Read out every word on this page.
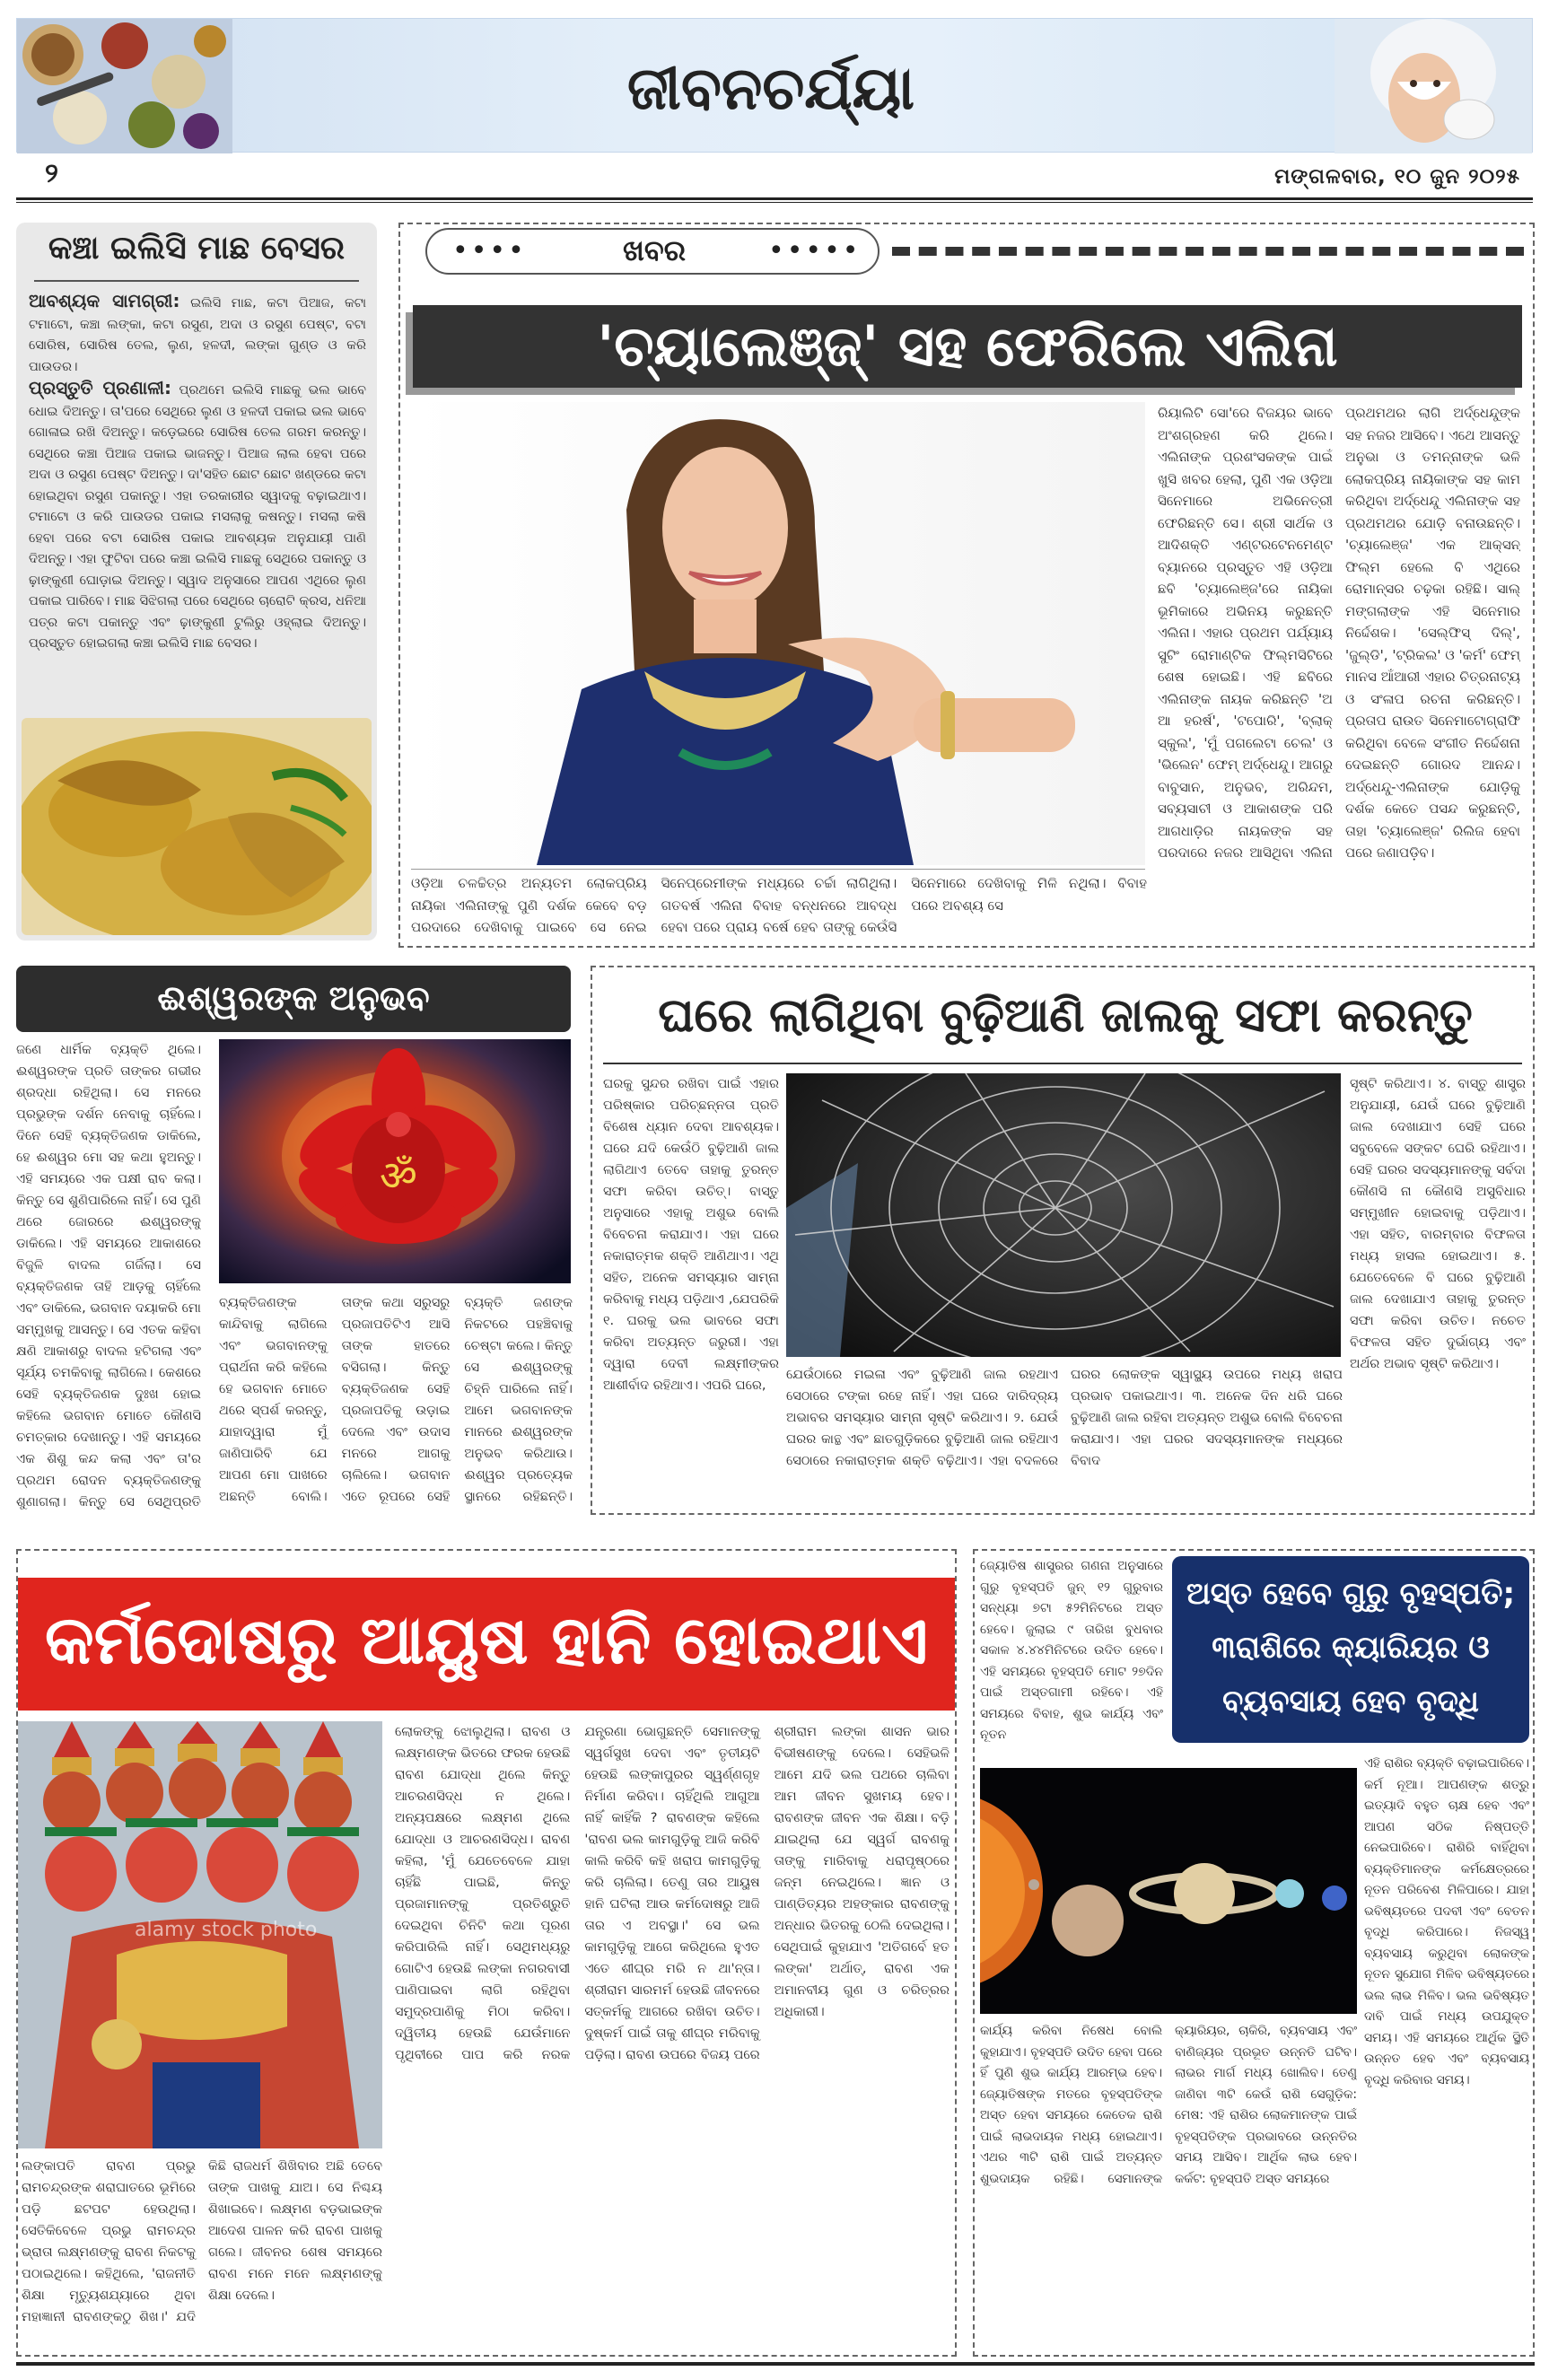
ଜୀବନଚର୍ଯ୍ୟା
୨	ମଙ୍ଗଳବାର, ୧୦ ଜୁନ ୨୦୨୫
କଞ୍ଚା ଇଲିସି ମାଛ ବେସର
ଆବଶ୍ୟକ ସାମଗ୍ରୀ: ଇଲିସି ମାଛ, କଟା ପିଆଜ, କଟା ଟମାଟୋ, କଞ୍ଚା ଲଙ୍କା, କଟା ରସୁଣ, ଅଦା ଓ ରସୁଣ ପେଷ୍ଟ, ବଟା ସୋରିଷ, ସୋରିଷ ତେଲ, ଲୁଣ, ହଳଦୀ, ଲଙ୍କା ଗୁଣ୍ଡ ଓ କରି ପାଉଡର।
ପ୍ରସ୍ତୁତି ପ୍ରଣାଳୀ: ପ୍ରଥମେ ଇଲିସି ମାଛକୁ ଭଲ ଭାବେ ଧୋଇ ଦିଅନ୍ତୁ। ତା'ପରେ ସେଥିରେ ଲୁଣ ଓ ହଳଦୀ ପକାଇ ଭଲ ଭାବେ ଗୋଳାଇ ରଖି ଦିଅନ୍ତୁ। କଡ଼େଇରେ ସୋରିଷ ତେଲ ଗରମ କରନ୍ତୁ। ସେଥିରେ କଞ୍ଚା ପିଆଜ ପକାଇ ଭାଜନ୍ତୁ। ପିଆଜ ଲାଲ ହେବା ପରେ ଅଦା ଓ ରସୁଣ ପେଷ୍ଟ ଦିଅନ୍ତୁ। ଦା'ସହିତ ଛୋଟ ଛୋଟ ଖଣ୍ଡରେ କଟା ହୋଇଥିବା ରସୁଣ ପକାନ୍ତୁ। ଏହା ତରକାରୀର ସ୍ୱାଦକୁ ବଢ଼ାଇଥାଏ। ଟମାଟୋ ଓ କରି ପାଉଡର ପକାଇ ମସଲାକୁ କଷନ୍ତୁ। ମସଲା କଷି ହେବା ପରେ ବଟା ସୋରିଷ ପକାଇ ଆବଶ୍ୟକ ଅନୁଯାୟୀ ପାଣି ଦିଅନ୍ତୁ। ଏହା ଫୁଟିବା ପରେ କଞ୍ଚା ଇଲିସି ମାଛକୁ ସେଥିରେ ପକାନ୍ତୁ ଓ ଢ଼ାଙ୍କୁଣୀ ଘୋଡ଼ାଇ ଦିଅନ୍ତୁ। ସ୍ୱାଦ ଅନୁସାରେ ଆପଣ ଏଥିରେ ଲୁଣ ପକାଇ ପାରିବେ। ମାଛ ସିଝିଗଲା ପରେ ସେଥିରେ ଚାରୋଟି କ୍ରସ, ଧନିଆ ପତ୍ର କଟା ପକାନ୍ତୁ ଏବଂ ଢ଼ାଙ୍କୁଣୀ ଟୁଲିରୁ ଓହ୍ଲାଇ ଦିଅନ୍ତୁ। ପ୍ରସ୍ତୁତ ହୋଇଗଲା କଞ୍ଚା ଇଲିସି ମାଛ ବେସର।
••••	ଖବର	•••••
'ଚ୍ୟାଲେଞ୍ଜ୍' ସହ ଫେରିଲେ ଏଲିନା
ରିୟାଲିଟି ସୋ'ରେ ବିଜୟର ଭାବେ ଅଂଶଗ୍ରହଣ କରି ଥିଲେ। ଏଲିନାଙ୍କ ପ୍ରଶଂସକଙ୍କ ପାଇଁ ଖୁସି ଖବର ହେଲା, ପୁଣି ଏକ ଓଡ଼ିଆ ସିନେମାରେ ଅଭିନେତ୍ରୀ ଫେରିଛନ୍ତି ସେ। ଶ୍ରୀ ସାର୍ଥକ ଓ ଆଦିଶକ୍ତି ଏଣ୍ଟରଟେନମେଣ୍ଟ ବ୍ୟାନରେ ପ୍ରସ୍ତୁତ ଏହି ଓଡ଼ିଆ ଛବି 'ଚ୍ୟାଲେଞ୍ଜ'ରେ ନାୟିକା ଭୂମିକାରେ ଅଭିନୟ କରୁଛନ୍ତି ଏଲିନା। ଏହାର ପ୍ରଥମ ପର୍ଯ୍ୟାୟ ସୁଟିଂ ରୋମାଣ୍ଟିକ ଫିଲ୍ମସିଟିରେ ଶେଷ ହୋଇଛି। ଏହି ଛବିରେ ଏଲିନାଙ୍କ ନାୟକ କରିଛନ୍ତି 'ଅ ଆ ହରର୍ଷ', 'ଟପୋରି', 'ବ୍ଲାକ୍ ସ୍କୁଲ', 'ମୁଁ ପଗଲେଟା ଚେଲ' ଓ 'ଭିଲେନ' ଫେମ୍ ଅର୍ଦ୍ଧେନ୍ଦୁ। ଆଗରୁ ବାବୁସାନ, ଅନୁଭବ, ଅରିନ୍ଦମ, ସବ୍ୟସାଚୀ ଓ ଆକାଶଙ୍କ ପରି ଆଗଧାଡ଼ିର ନାୟକଙ୍କ ସହ ପରଦାରେ ନଜର ଆସିଥିବା ଏଲିନା ପ୍ରଥମଥର ଲାଗି ଅର୍ଦ୍ଧେନ୍ଦୁଙ୍କ ସହ ନଜର ଆସିବେ। ଏଥେ ଆସନ୍ତୁ ଅନୁଭା ଓ ତମନ୍ନାଙ୍କ ଭଳି ଲୋକପ୍ରିୟ ନାୟିକାଙ୍କ ସହ କାମ କରିଥିବା ଅର୍ଦ୍ଧେନ୍ଦୁ ଏଲିନାଙ୍କ ସହ ପ୍ରଥମଥର ଯୋଡ଼ି ବନାଉଛନ୍ତି। 'ଚ୍ୟାଲେଞ୍ଜ' ଏକ ଆକ୍ସନ୍ ଫିଲ୍ମ ହେଲେ ବି ଏଥିରେ ରୋମାନ୍ସର ଚଢ଼କା ରହିଛି। ସାଲ୍ ମଙ୍ଗଲାଙ୍କ ଏହି ସିନେମାର ନିର୍ଦ୍ଦେଶକ। 'ସେଲ୍ଫିସ୍ ଦିଲ୍', 'ଜୁଲ୍ଡି', 'ଟ୍ରିକଲ' ଓ 'କର୍ମ' ଫେମ୍ ମାନସ ଆଁଆରୀ ଏହାର ଚିତ୍ରନାଟ୍ୟ ଓ ସଂଳାପ ରଚନା କରିଛନ୍ତି। ପ୍ରତାପ ରାଉତ ସିନେମାଟୋଗ୍ରାଫି କରିଥିବା ବେଳେ ସଂଗୀତ ନିର୍ଦ୍ଦେଶନା ଦେଇଛନ୍ତି ଗୋରଦ ଆନନ୍ଦ। ଅର୍ଦ୍ଧେନ୍ଦୁ-ଏଲିନାଙ୍କ ଯୋଡ଼ିକୁ ଦର୍ଶକ କେତେ ପସନ୍ଦ କରୁଛନ୍ତି, ତାହା 'ଚ୍ୟାଲେଞ୍ଜ' ରିଲିଜ ହେବା ପରେ ଜଣାପଡ଼ିବ।
ଓଡ଼ିଆ ଚଳଚ୍ଚିତ୍ର ଅନ୍ୟତମ ଲୋକପ୍ରିୟ ନାୟିକା ଏଲିନାଙ୍କୁ ପୁଣି ଦର୍ଶକ କେବେ ବଡ଼ ପରଦାରେ ଦେଖିବାକୁ ପାଇବେ ସେ ନେଇ ସିନେପ୍ରେମୀଙ୍କ ମଧ୍ୟରେ ଚର୍ଚ୍ଚା ଲାଗିଥିଲା। ଗତବର୍ଷ ଏଲିନା ବିବାହ ବନ୍ଧନରେ ଆବଦ୍ଧ ହେବା ପରେ ପ୍ରାୟ ବର୍ଷେ ହେବ ତାଙ୍କୁ କେଉଁସି ସିନେମାରେ ଦେଖିବାକୁ ମିଳି ନଥିଲା। ବିବାହ ପରେ ଅବଶ୍ୟ ସେ
ଈଶ୍ୱରଙ୍କ ଅନୁଭବ
ଜଣେ ଧାର୍ମିକ ବ୍ୟକ୍ତି ଥିଲେ। ଈଶ୍ୱରଙ୍କ ପ୍ରତି ତାଙ୍କର ଗଭୀର ଶ୍ରଦ୍ଧା ରହିଥିଲା। ସେ ମନରେ ପ୍ରଭୁଙ୍କ ଦର୍ଶନ ନେବାକୁ ଚାହିଁଲେ। ଦିନେ ସେହି ବ୍ୟକ୍ତିଜଣକ ଡାକିଲେ, ହେ ଈଶ୍ୱର ମୋ ସହ କଥା ହୁଅନ୍ତୁ। ଏହି ସମୟରେ ଏକ ପକ୍ଷୀ ରାବ କଲା। କିନ୍ତୁ ସେ ଶୁଣିପାରିଲେ ନାହିଁ। ସେ ପୁଣି ଥରେ ଜୋରରେ ଈଶ୍ୱରଙ୍କୁ ଡାକିଲେ। ଏହି ସମୟରେ ଆକାଶରେ ବିଜୁଳି ବାଦଲ ଗର୍ଜିଲା। ସେ ବ୍ୟକ୍ତିଜଣକ ତାହି ଆଡ଼କୁ ଚାହିଁଲେ ଏବଂ ଡାକିଲେ, ଭଗବାନ ଦୟାକରି ମୋ ସମ୍ମୁଖକୁ ଆସନ୍ତୁ। ସେ ଏତକ କହିବା କ୍ଷଣି ଆକାଶରୁ ବାଦଲ ହଟିଗଲା ଏବଂ ସୂର୍ଯ୍ୟ ଚମକିବାକୁ ଲାଗିଲେ। କେଶରେ ସେହି ବ୍ୟକ୍ତିଜଣକ ଦୁଃଖ ହୋଇ କହିଲେ ଭଗବାନ ମୋତେ କୌଣସି ଚମତ୍କାର ଦେଖାନ୍ତୁ। ଏହି ସମୟରେ ଏକ ଶିଶୁ କନ୍ଦ କଲା ଏବଂ ତା'ର ପ୍ରଥମ ରୋଦନ ବ୍ୟକ୍ତିଜଣଙ୍କୁ ଶୁଣାଗଲା। କିନ୍ତୁ ସେ ସେଥିପ୍ରତି
ॐ
ବ୍ୟକ୍ତିଜଣଙ୍କ କାନ୍ଦିବାକୁ ଲାଗିଲେ ଏବଂ ଭଗବାନଙ୍କୁ ପ୍ରାର୍ଥନା କରି କହିଲେ ହେ ଭଗବାନ ମୋତେ ଥରେ ସ୍ପର୍ଶ କରନ୍ତୁ, ଯାହାଦ୍ୱାରା ମୁଁ ଜାଣିପାରିବି ଯେ ଆପଣ ମୋ ପାଖରେ ଅଛନ୍ତି ବୋଲି। ତାଙ୍କ କଥା ସରୁସରୁ ପ୍ରଜାପତିଟିଏ ଆସି ତାଙ୍କ ହାତରେ ବସିଗଲା। କିନ୍ତୁ ବ୍ୟକ୍ତିଜଣକ ସେହି ପ୍ରଜାପତିକୁ ଉଡ଼ାଇ ଦେଲେ ଏବଂ ଉଦାସ ମନରେ ଆଗକୁ ଚାଲିଲେ। ଭଗବାନ ଏତେ ରୂପରେ ସେହି ବ୍ୟକ୍ତି ଜଣଙ୍କ ନିକଟରେ ପହଞ୍ଚିବାକୁ ଚେଷ୍ଟା କଲେ। କିନ୍ତୁ ସେ ଈଶ୍ୱରଙ୍କୁ ଚିହ୍ନି ପାରିଲେ ନାହିଁ। ଆମେ ଭଗବାନଙ୍କ ମାନରେ ଈଶ୍ୱରଙ୍କ ଅନୁଭବ କରିଥାଉ। ଈଶ୍ୱର ପ୍ରତ୍ୟେକ ସ୍ଥାନରେ ରହିଛନ୍ତି।
ଘରେ ଲାଗିଥିବା ବୁଢ଼ିଆଣି ଜାଲକୁ ସଫା କରନ୍ତୁ
ଘରକୁ ସୁନ୍ଦର ରଖିବା ପାଇଁ ଏହାର ପରିଷ୍କାର ପରିଚ୍ଛନ୍ନତା ପ୍ରତି ବିଶେଷ ଧ୍ୟାନ ଦେବା ଆବଶ୍ୟକ। ଘରେ ଯଦି କେଉଁଠି ବୁଢ଼ିଆଣି ଜାଲ ଲାଗିଥାଏ ତେବେ ତାହାକୁ ତୁରନ୍ତ ସଫା କରିବା ଉଚିତ୍। ବାସ୍ତୁ ଅନୁସାରେ ଏହାକୁ ଅଶୁଭ ବୋଲି ବିବେଚନା କରାଯାଏ। ଏହା ଘରେ ନକାରାତ୍ମକ ଶକ୍ତି ଆଣିଥାଏ। ଏଥି ସହିତ, ଅନେକ ସମସ୍ୟାର ସାମ୍ନା କରିବାକୁ ମଧ୍ୟ ପଡ଼ିଥାଏ ,ଯେପରିକି ୧. ଘରକୁ ଭଲ ଭାବରେ ସଫା କରିବା ଅତ୍ୟନ୍ତ ଜରୁରୀ। ଏହା ଦ୍ୱାରା ଦେବୀ ଲକ୍ଷ୍ମୀଙ୍କର ଆଶୀର୍ବାଦ ରହିଥାଏ। ଏପରି ଘରେ,
ଯେଉଁଠାରେ ମଇଳା ଏବଂ ବୁଢ଼ିଆଣି ଜାଲ ରହଥାଏ ସେଠାରେ ଟଙ୍କା ରହେ ନାହିଁ। ଏହା ଘରେ ଦାରିଦ୍ର୍ୟ ଅଭାବର ସମସ୍ୟାର ସାମ୍ନା ସୃଷ୍ଟି କରିଥାଏ। ୨. ଯେଉଁ ଘରର କାନ୍ଥ ଏବଂ ଛାତଗୁଡ଼ିକରେ ବୁଢ଼ିଆଣି ଜାଲ ରହିଥାଏ ସେଠାରେ ନକାରାତ୍ମକ ଶକ୍ତି ବଢ଼ିଥାଏ। ଏହା ବଦଳରେ ଘରର ଲୋକଙ୍କ ସ୍ୱାସ୍ଥ୍ୟ ଉପରେ ମଧ୍ୟ ଖରାପ ପ୍ରଭାବ ପକାଇଥାଏ। ୩. ଅନେକ ଦିନ ଧରି ଘରେ ବୁଢ଼ିଆଣି ଜାଲ ରହିବା ଅତ୍ୟନ୍ତ ଅଶୁଭ ବୋଲି ବିବେଚନା କରାଯାଏ। ଏହା ଘରର ସଦସ୍ୟମାନଙ୍କ ମଧ୍ୟରେ ବିବାଦ
ସୃଷ୍ଟି କରିଥାଏ। ୪. ବାସ୍ତୁ ଶାସ୍ତ୍ର ଅନୁଯାୟୀ, ଯେଉଁ ଘରେ ବୁଢ଼ିଆଣି ଜାଲ ଦେଖାଯାଏ ସେହି ଘରେ ସବୁବେଳେ ସଙ୍କଟ ଘେରି ରହିଥାଏ। ସେହି ଘରର ସଦସ୍ୟମାନଙ୍କୁ ସର୍ବଦା କୌଣସି ନା କୌଣସି ଅସୁବିଧାର ସମ୍ମୁଖୀନ ହୋଇବାକୁ ପଡ଼ିଥାଏ। ଏହା ସହିତ, ବାରମ୍ବାର ବିଫଳତା ମଧ୍ୟ ହାସଲ ହୋଇଥାଏ। ୫. ଯେତେବେଳେ ବି ଘରେ ବୁଢ଼ିଆଣି ଜାଲ ଦେଖାଯାଏ ତାହାକୁ ତୁରନ୍ତ ସଫା କରିବା ଉଚିତ। ନଚେତ ବିଫଳତା ସହିତ ଦୁର୍ଭାଗ୍ୟ ଏବଂ ଅର୍ଥର ଅଭାବ ସୃଷ୍ଟି କରିଥାଏ।
କର୍ମଦୋଷରୁ ଆୟୁଷ ହାନି ହୋଇଥାଏ
alamy stock photo
ଲୋକଙ୍କୁ ଝୋଲୁଥିଲା। ରାବଣ ଓ ଲକ୍ଷ୍ମଣଙ୍କ ଭିତରେ ଫରକ ହେଉଛି ରାବଣ ଯୋଦ୍ଧା ଥିଲେ କିନ୍ତୁ ଆଚରଣସିଦ୍ଧ ନ ଥିଲେ। ଅନ୍ୟପକ୍ଷରେ ଲକ୍ଷ୍ମଣ ଥିଲେ ଯୋଦ୍ଧା ଓ ଆଚରଣସିଦ୍ଧ। ରାବଣ କହିଲା, 'ମୁଁ ଯେତେବେଳେ ଯାହା ଚାହିଁଛି ପାଇଛି, କିନ୍ତୁ ପ୍ରଜାମାନଙ୍କୁ ପ୍ରତିଶ୍ରୁତି ଦେଇଥିବା ଚିନିଟି କଥା ପୂରଣ କରିପାରିଲି ନାହିଁ। ସେଥିମଧ୍ୟରୁ ଗୋଟିଏ ହେଉଛି ଲଙ୍କା ନଗରବାସୀ ପାଣିପାଇବା ଲାଗି ରହିଥିବା ସମୁଦ୍ରପାଣିକୁ ମିଠା କରିବା। ଦ୍ୱିତୀୟ ହେଉଛି ଯେଉଁମାନେ ପୃଥିବୀରେ ପାପ କରି ନରକ ଯନ୍ତ୍ରଣା ଭୋଗୁଛନ୍ତି ସେମାନଙ୍କୁ ସ୍ୱର୍ଗସୁଖ ଦେବା ଏବଂ ତୃତୀୟଟି ହେଉଛି ଲଙ୍କାପୁରର ସ୍ୱର୍ଣ୍ଣଗୃହ ନିର୍ମାଣ କରିବା। ଚାହିଁଥିଲି ଆଗୁଆ ନାହିଁ କାହିଁକି ? ରାବଣଙ୍କ କହିଲେ 'ରାବଣ ଭଲ କାମଗୁଡ଼ିକୁ ଆଜି କରିବି କାଲି କରିବି କହି ଖରାପ କାମଗୁଡ଼ିକୁ କରି ଚାଲିଲା। ତେଣୁ ତାର ଆୟୁଷ ହାନି ଘଟିଲା ଆଉ କର୍ମଦୋଷରୁ ଆଜି ତାର ଏ ଅବସ୍ଥା।' ସେ ଭଲ କାମଗୁଡ଼ିକୁ ଆଗେ କରିଥିଲେ ହୁଏତ ଏତେ ଶୀଘ୍ର ମରି ନ ଥା'ନ୍ତା। ଶ୍ରୀରାମ ସାରମର୍ମ ହେଉଛି ଜୀବନରେ ସତ୍‌କର୍ମକୁ ଆଗରେ ରଖିବା ଉଚିତ। ଦୁଷ୍କର୍ମ ପାଇଁ ତାକୁ ଶୀଘ୍ର ମରିବାକୁ ପଡ଼ିଲା। ରାବଣ ଉପରେ ବିଜୟ ପରେ ଶ୍ରୀରାମ ଲଙ୍କା ଶାସନ ଭାର ବିଭୀଷଣଙ୍କୁ ଦେଲେ। ସେହିଭଳି ଆମେ ଯଦି ଭଲ ପଥରେ ଚାଲିବା ଆମ ଜୀବନ ସୁଖମୟ ହେବ। ରାବଣଙ୍କ ଜୀବନ ଏକ ଶିକ୍ଷା। ବଡ଼ି ଯାଇଥିଲା ଯେ ସ୍ୱର୍ଗ ରାବଣକୁ ତାଙ୍କୁ ମାରିବାକୁ ଧରାପୃଷ୍ଠରେ ଜନ୍ମ ନେଇଥିଲେ। ଜ୍ଞାନ ଓ ପାଣ୍ଡିତ୍ୟର ଅହଙ୍କାର ରାବଣଙ୍କୁ ଅନ୍ଧାର ଭିତରକୁ ଠେଲି ଦେଇଥିଲା। ସେଥିପାଇଁ କୁହାଯାଏ 'ଅତିଗର୍ବେ ହତ ଲଙ୍କା' ଅର୍ଥାତ୍, ରାବଣ ଏକ ଅମାନବୀୟ ଗୁଣ ଓ ଚରିତ୍ରର ଅଧିକାରୀ।
ଲଙ୍କାପତି ରାବଣ ପ୍ରଭୁ ରାମଚନ୍ଦ୍ରଙ୍କ ଶରାଘାତରେ ଭୂମିରେ ପଡ଼ି ଛଟପଟ ହେଉଥିଲା। ସେତିକିବେଳେ ପ୍ରଭୁ ରାମଚନ୍ଦ୍ର ଭ୍ରାତା ଲକ୍ଷ୍ମଣଙ୍କୁ ରାବଣ ନିକଟକୁ ପଠାଇଥିଲେ। କହିଥିଲେ, 'ରାଜନୀତି ଶିକ୍ଷା ମୃତ୍ୟୁଶଯ୍ୟାରେ ଥିବା ମହାଜ୍ଞାନୀ ରାବଣଙ୍କଠୁ ଶିଖ।' ଯଦି କିଛି ରାଜଧର୍ମ ଶିଖିବାର ଅଛି ତେବେ ତାଙ୍କ ପାଖକୁ ଯାଅ। ସେ ନିଶ୍ଚୟ ଶିଖାଇବେ। ଲକ୍ଷ୍ମଣ ବଡ଼ଭାଇଙ୍କ ଆଦେଶ ପାଳନ କରି ରାବଣ ପାଖକୁ ଗଲେ। ଜୀବନର ଶେଷ ସମୟରେ ରାବଣ ମନେ ମନେ ଲକ୍ଷ୍ମଣଙ୍କୁ ଶିକ୍ଷା ଦେଲେ।
ଜ୍ୟୋତିଷ ଶାସ୍ତ୍ରର ଗଣନା ଅନୁସାରେ ଗୁରୁ ବୃହସ୍ପତି ଜୁନ୍ ୧୨ ଗୁରୁବାର ସନ୍ଧ୍ୟା ୭ଟା ୫୨ମିନିଟରେ ଅସ୍ତ ହେବେ। ଜୁଲାଇ ୯ ତାରିଖ ବୁଧବାର ସକାଳ ୪.୪୪ମିନିଟରେ ଉଦିତ ହେବେ। ଏହି ସମୟରେ ବୃହସ୍ପତି ମୋଟ ୨୭ଦିନ ପାଇଁ ଅସ୍ତଗାମୀ ରହିବେ। ଏହି ସମୟରେ ବିବାହ, ଶୁଭ କାର୍ଯ୍ୟ ଏବଂ ନୂତନ
ଅସ୍ତ ହେବେ ଗୁରୁ ବୃହସ୍ପତି;
୩ରାଶିରେ କ୍ୟାରିୟର ଓ
ବ୍ୟବସାୟ ହେବ ବୃଦ୍ଧି
ଏହି ରାଶିର ବ୍ୟକ୍ତି ବଢ଼ାଇପାରିବେ। କର୍ମ ନୂଆ। ଆପଣଙ୍କ ଶତ୍ରୁ ଇତ୍ୟାଦି ବହୁତ ଚାକ୍ଷ ହେବ ଏବଂ ଆପଣ ସଠିକ ନିଷ୍ପତ୍ତି ନେଇପାରିବେ। ରାଶିରି ବାହିଁଥିବା ବ୍ୟକ୍ତିମାନଙ୍କ କର୍ମକ୍ଷେତ୍ରରେ ନୂତନ ପରିବେଶ ମିଳିପାରେ। ଯାହା ଭବିଷ୍ୟତରେ ପଦବୀ ଏବଂ ବେତନ ବୃଦ୍ଧି କରିପାରେ। ନିଜସ୍ୱ ବ୍ୟବସାୟ କରୁଥିବା ଲୋକଙ୍କ ନୂତନ ସୁଯୋଗ ମିଳିବ ଭବିଷ୍ୟତରେ ଭଲ ଲାଭ ମିଳିବ। ଭଲ ଭବିଷ୍ୟତ ଦାବି ପାଇଁ ମଧ୍ୟ ଉପଯୁକ୍ତ ସମୟ। ଏହି ସମୟରେ ଆର୍ଥିକ ସ୍ଥିତି ଉନ୍ନତ ହେବ ଏବଂ ବ୍ୟବସାୟ ବୃଦ୍ଧି କରିବାର ସମୟ।
କାର୍ଯ୍ୟ କରିବା ନିଷେଧ ବୋଲି କୁହାଯାଏ। ବୃହସ୍ପତି ଉଦିତ ହେବା ପରେ ହିଁ ପୁଣି ଶୁଭ କାର୍ଯ୍ୟ ଆରମ୍ଭ ହେବ। ଜ୍ୟୋତିଷଙ୍କ ମତରେ ବୃହସ୍ପତିଙ୍କ ଅସ୍ତ ହେବା ସମୟରେ କେତେକ ରାଶି ପାଇଁ ଲାଭଦାୟକ ମଧ୍ୟ ହୋଇଥାଏ। ଏଥର ୩ଟି ରାଶି ପାଇଁ ଅତ୍ୟନ୍ତ ଶୁଭଦାୟକ ରହିଛି। ସେମାନଙ୍କ କ୍ୟାରିୟର, ଚାକିରି, ବ୍ୟବସାୟ ଏବଂ ବାଣିଜ୍ୟର ପ୍ରଭୂତ ଉନ୍ନତି ଘଟିବ। ଲାଭର ମାର୍ଗ ମଧ୍ୟ ଖୋଲିବ। ତେଣୁ ଜାଣିବା ୩ଟି କେଉଁ ରାଶି ସେଗୁଡ଼ିକ: ମେଷ: ଏହି ରାଶିର ଲୋକମାନଙ୍କ ପାଇଁ ବୃହସ୍ପତିଙ୍କ ପ୍ରଭାବରେ ଉନ୍ନତିର ସମୟ ଆସିବ। ଆର୍ଥିକ ଲାଭ ହେବ। କର୍କଟ: ବୃହସ୍ପତି ଅସ୍ତ ସମୟରେ
